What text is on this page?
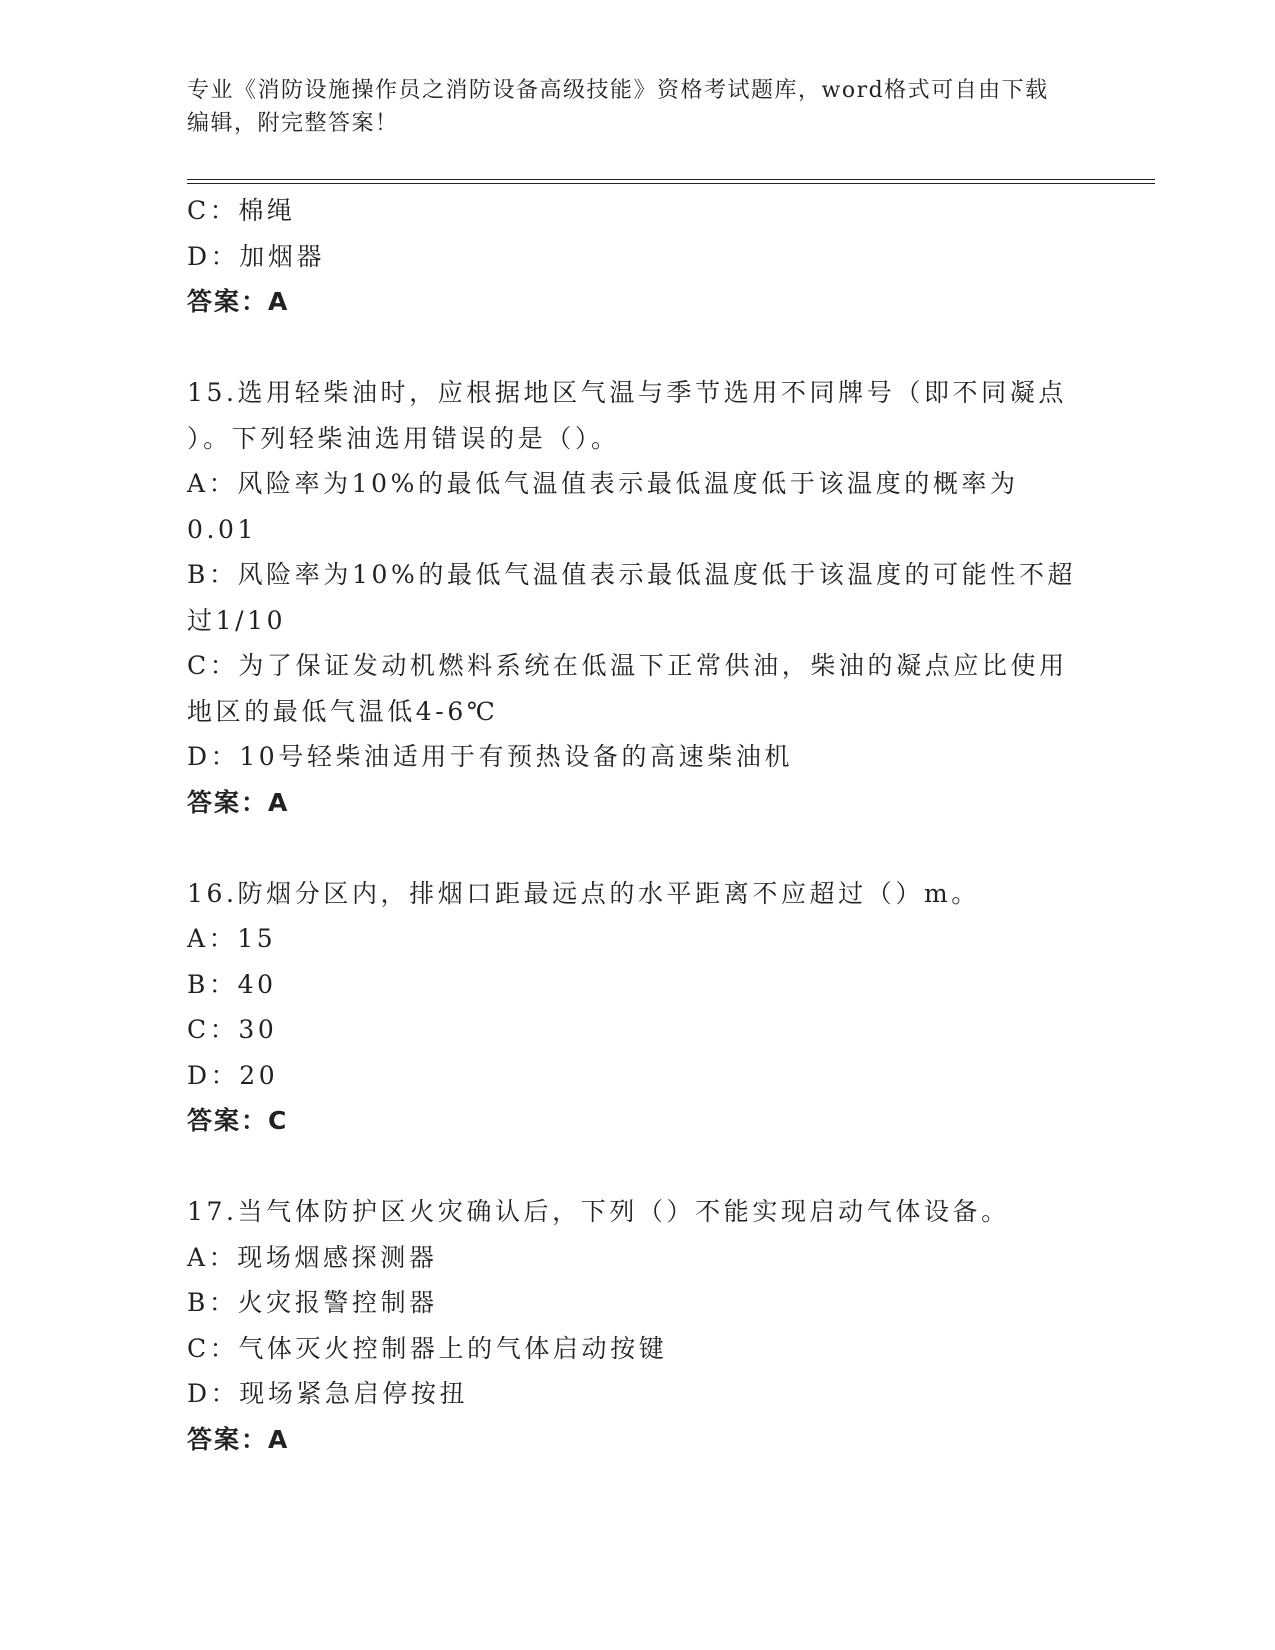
专业《消防设施操作员之消防设备高级技能》资格考试题库，word格式可自由下载编辑，附完整答案！
C：棉绳
D：加烟器
答案：A
15.选用轻柴油时，应根据地区气温与季节选用不同牌号（即不同凝点
）。下列轻柴油选用错误的是（）。
A：风险率为10%的最低气温值表示最低温度低于该温度的概率为0.01
B：风险率为10%的最低气温值表示最低温度低于该温度的可能性不超
过1/10
C：为了保证发动机燃料系统在低温下正常供油，柴油的凝点应比使用
地区的最低气温低4-6℃
D：10号轻柴油适用于有预热设备的高速柴油机
答案：A
16.防烟分区内，排烟口距最远点的水平距离不应超过（）m。
A：15
B：40
C：30
D：20
答案：C
17.当气体防护区火灾确认后，下列（）不能实现启动气体设备。
A：现场烟感探测器
B：火灾报警控制器
C：气体灭火控制器上的气体启动按键
D：现场紧急启停按扭
答案：A
